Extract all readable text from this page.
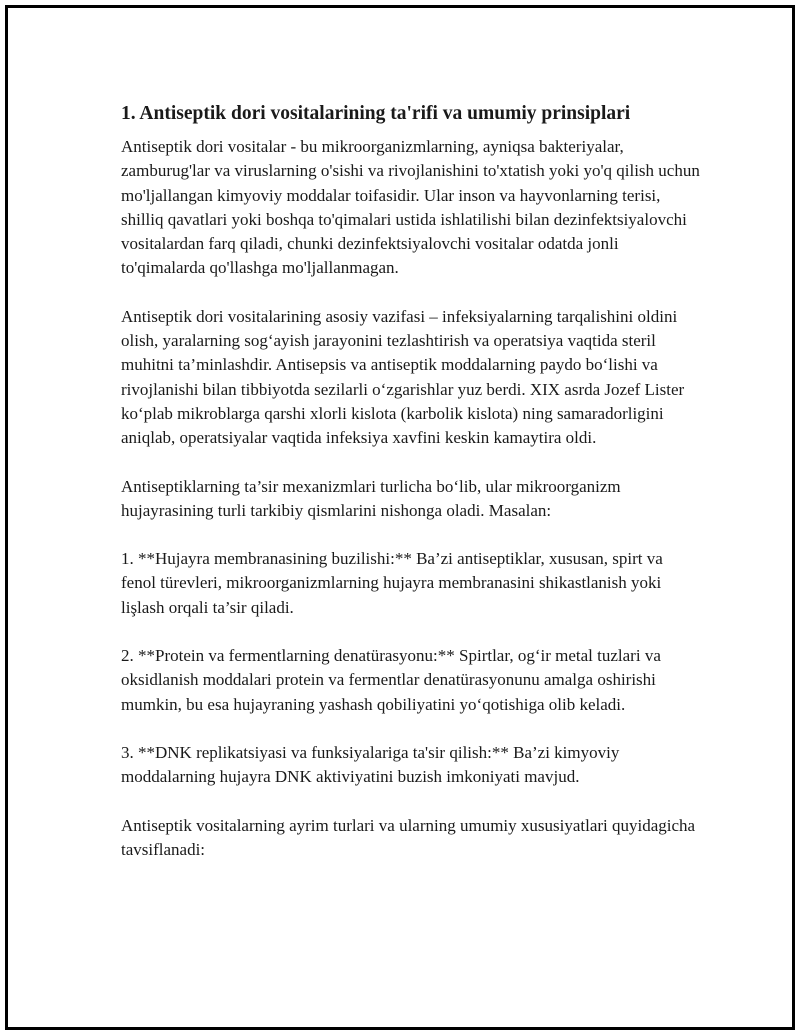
1. Antiseptik dori vositalarining ta'rifi va umumiy prinsiplari

Antiseptik dori vositalar - bu mikroorganizmlarning, ayniqsa bakteriyalar, zamburug'lar va viruslarning o'sishi va rivojlanishini to'xtatish yoki yo'q qilish uchun mo'ljallangan kimyoviy moddalar toifasidir. Ular inson va hayvonlarning terisi, shilliq qavatlari yoki boshqa to'qimalari ustida ishlatilishi bilan dezinfektsiyalovchi vositalardan farq qiladi, chunki dezinfektsiyalovchi vositalar odatda jonli to'qimalarda qo'llashga mo'ljallanmagan.

Antiseptik dori vositalarining asosiy vazifasi – infeksiyalarning tarqalishini oldini olish, yaralarning sog‘ayish jarayonini tezlashtirish va operatsiya vaqtida steril muhitni ta’minlashdir. Antisepsis va antiseptik moddalarning paydo bo‘lishi va rivojlanishi bilan tibbiyotda sezilarli o‘zgarishlar yuz berdi. XIX asrda Jozef Lister ko‘plab mikroblarga qarshi xlorli kislota (karbolik kislota) ning samaradorligini aniqlab, operatsiyalar vaqtida infeksiya xavfini keskin kamaytira oldi.

Antiseptiklarning ta’sir mexanizmlari turlicha bo‘lib, ular mikroorganizm hujayrasining turli tarkibiy qismlarini nishonga oladi. Masalan:

1. **Hujayra membranasining buzilishi:** Ba’zi antiseptiklar, xususan, spirt va fenol türevleri, mikroorganizmlarning hujayra membranasini shikastlanish yoki lişlash orqali ta’sir qiladi.

2. **Protein va fermentlarning denatürasyonu:** Spirtlar, og‘ir metal tuzlari va oksidlanish moddalari protein va fermentlar denatürasyonunu amalga oshirishi mumkin, bu esa hujayraning yashash qobiliyatini yo‘qotishiga olib keladi.

3. **DNK replikatsiyasi va funksiyalariga ta'sir qilish:** Ba’zi kimyoviy moddalarning hujayra DNK aktiviyatini buzish imkoniyati mavjud.

Antiseptik vositalarning ayrim turlari va ularning umumiy xususiyatlari quyidagicha tavsiflanadi:
